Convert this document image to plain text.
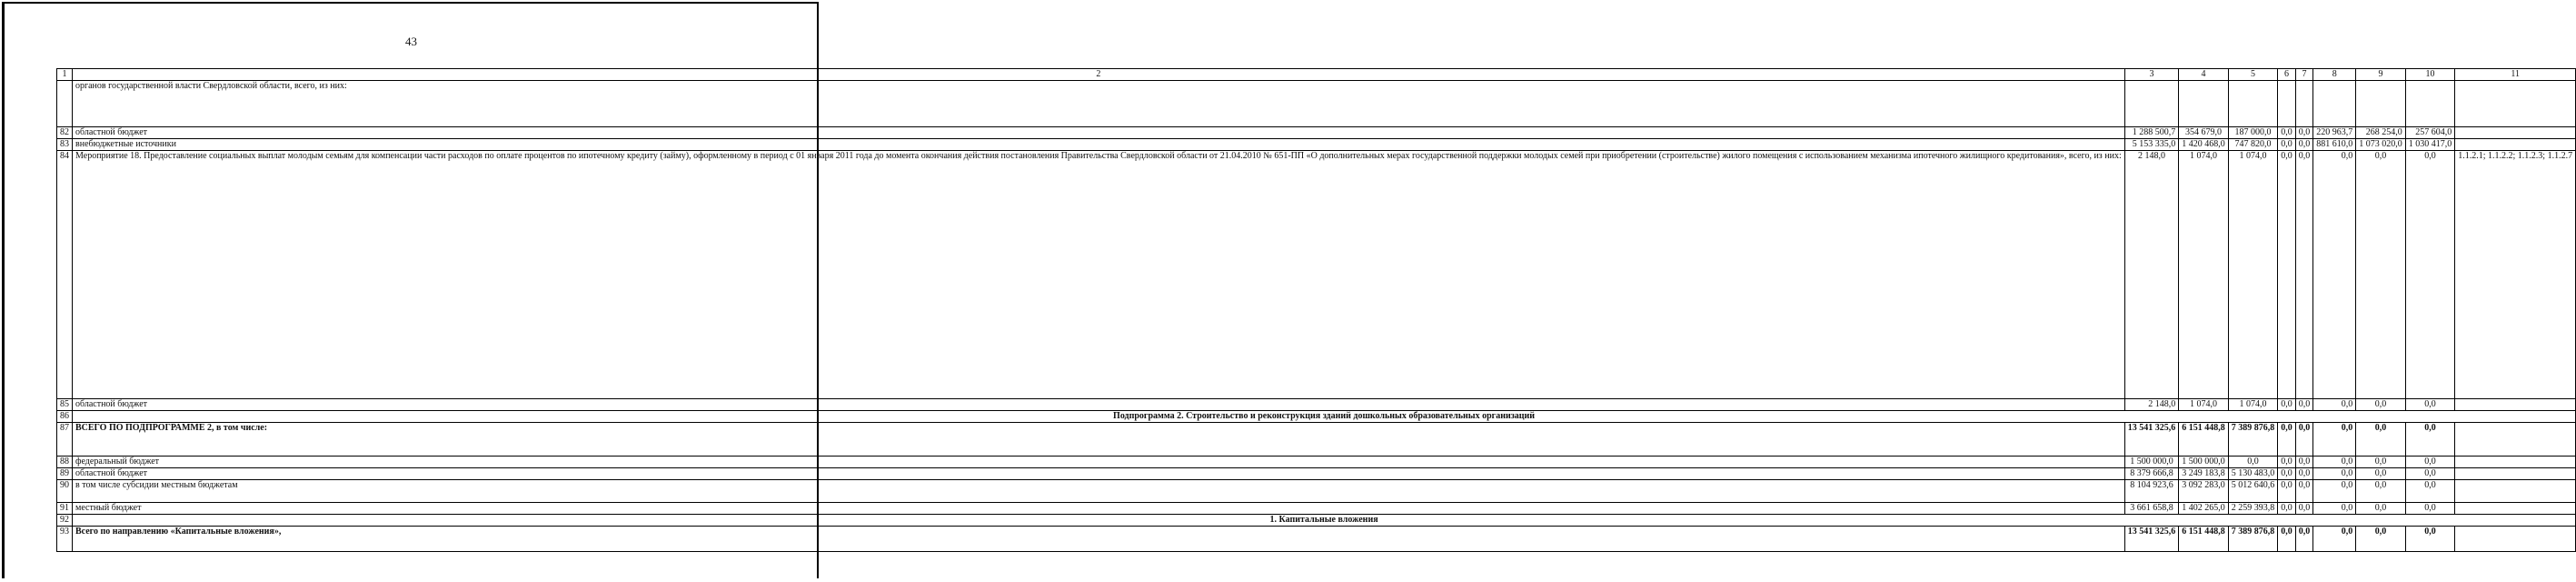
43
1	2	3	4	5	6	7	8	9	10	11
	органов государственной власти Свердловской области, всего, из них:									
82	областной бюджет	1 288 500,7	354 679,0	187 000,0	0,0	0,0	220 963,7	268 254,0	257 604,0	
83	внебюджетные источники	5 153 335,0	1 420 468,0	747 820,0	0,0	0,0	881 610,0	1 073 020,0	1 030 417,0	
84	Мероприятие 18. Предоставление социальных выплат молодым семьям для компенсации части расходов по оплате процентов по ипотечному кредиту (займу), оформленному в период с 01 января 2011 года до момента окончания действия постановления Правительства Свердловской области от 21.04.2010 № 651-ПП «О дополнительных мерах государственной поддержки молодых семей при приобретении (строительстве) жилого помещения с использованием механизма ипотечного жилищного кредитования», всего, из них:	2 148,0	1 074,0	1 074,0	0,0	0,0	0,0	0,0	0,0	1.1.2.1; 1.1.2.2; 1.1.2.3; 1.1.2.7
85	областной бюджет	2 148,0	1 074,0	1 074,0	0,0	0,0	0,0	0,0	0,0	
86	Подпрограмма 2. Строительство и реконструкция зданий дошкольных образовательных организаций									
87	ВСЕГО ПО ПОДПРОГРАММЕ 2, в том числе:	13 541 325,6	6 151 448,8	7 389 876,8	0,0	0,0	0,0	0,0	0,0	
88	федеральный бюджет	1 500 000,0	1 500 000,0	0,0	0,0	0,0	0,0	0,0	0,0	
89	областной бюджет	8 379 666,8	3 249 183,8	5 130 483,0	0,0	0,0	0,0	0,0	0,0	
90	в том числе субсидии местным бюджетам	8 104 923,6	3 092 283,0	5 012 640,6	0,0	0,0	0,0	0,0	0,0	
91	местный бюджет	3 661 658,8	1 402 265,0	2 259 393,8	0,0	0,0	0,0	0,0	0,0	
92	1. Капитальные вложения									
93	Всего по направлению «Капитальные вложения»,	13 541 325,6	6 151 448,8	7 389 876,8	0,0	0,0	0,0	0,0	0,0	
